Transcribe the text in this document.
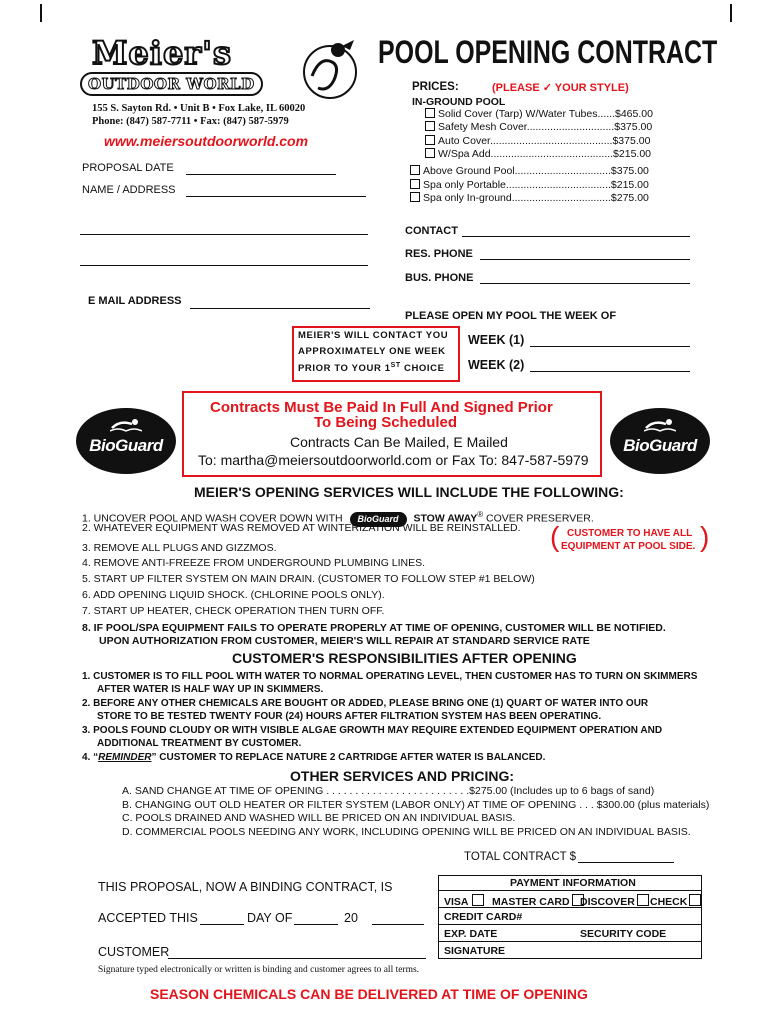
Meier's
OUTDOOR WORLD
155 S. Sayton Rd. • Unit B • Fox Lake, IL 60020
Phone: (847) 587-7711 • Fax: (847) 587-5979
www.meiersoutdoorworld.com
POOL OPENING CONTRACT
PRICES:	(PLEASE ✓ YOUR STYLE)
IN-GROUND POOL
Solid Cover (Tarp) W/Water Tubes......$465.00
Safety Mesh Cover..............................$375.00
Auto Cover..........................................$375.00
W/Spa Add..........................................$215.00
Above Ground Pool.................................$375.00
Spa only Portable....................................$215.00
Spa only In-ground..................................$275.00
PROPOSAL DATE
NAME / ADDRESS
E MAIL ADDRESS
CONTACT
RES. PHONE
BUS. PHONE
PLEASE OPEN MY POOL THE WEEK OF
MEIER'S WILL CONTACT YOU
APPROXIMATELY ONE WEEK
PRIOR TO YOUR 1ST CHOICE
WEEK (1)
WEEK (2)
BioGuard	BioGuard
Contracts Must Be Paid In Full And Signed Prior
To Being Scheduled
Contracts Can Be Mailed, E Mailed
To: martha@meiersoutdoorworld.com or Fax To: 847-587-5979
MEIER'S OPENING SERVICES WILL INCLUDE THE FOLLOWING:
1. UNCOVER POOL AND WASH COVER DOWN WITH BioGuard STOW AWAY® COVER PRESERVER.
2. WHATEVER EQUIPMENT WAS REMOVED AT WINTERIZATION WILL BE REINSTALLED.
3. REMOVE ALL PLUGS AND GIZZMOS.
4. REMOVE ANTI-FREEZE FROM UNDERGROUND PLUMBING LINES.
5. START UP FILTER SYSTEM ON MAIN DRAIN. (CUSTOMER TO FOLLOW STEP #1 BELOW)
6. ADD OPENING LIQUID SHOCK. (CHLORINE POOLS ONLY).
7. START UP HEATER, CHECK OPERATION THEN TURN OFF.
8. IF POOL/SPA EQUIPMENT FAILS TO OPERATE PROPERLY AT TIME OF OPENING, CUSTOMER WILL BE NOTIFIED.
UPON AUTHORIZATION FROM CUSTOMER, MEIER'S WILL REPAIR AT STANDARD SERVICE RATE
( CUSTOMER TO HAVE ALL
EQUIPMENT AT POOL SIDE. )
CUSTOMER'S RESPONSIBILITIES AFTER OPENING
1. CUSTOMER IS TO FILL POOL WITH WATER TO NORMAL OPERATING LEVEL, THEN CUSTOMER HAS TO TURN ON SKIMMERS
AFTER WATER IS HALF WAY UP IN SKIMMERS.
2. BEFORE ANY OTHER CHEMICALS ARE BOUGHT OR ADDED, PLEASE BRING ONE (1) QUART OF WATER INTO OUR
STORE TO BE TESTED TWENTY FOUR (24) HOURS AFTER FILTRATION SYSTEM HAS BEEN OPERATING.
3. POOLS FOUND CLOUDY OR WITH VISIBLE ALGAE GROWTH MAY REQUIRE EXTENDED EQUIPMENT OPERATION AND
ADDITIONAL TREATMENT BY CUSTOMER.
4. “REMINDER” CUSTOMER TO REPLACE NATURE 2 CARTRIDGE AFTER WATER IS BALANCED.
OTHER SERVICES AND PRICING:
A. SAND CHANGE AT TIME OF OPENING . . . . . . . . . . . . . . . . . . . . . . . . .$275.00 (Includes up to 6 bags of sand)
B. CHANGING OUT OLD HEATER OR FILTER SYSTEM (LABOR ONLY) AT TIME OF OPENING . . . $300.00 (plus materials)
C. POOLS DRAINED AND WASHED WILL BE PRICED ON AN INDIVIDUAL BASIS.
D. COMMERCIAL POOLS NEEDING ANY WORK, INCLUDING OPENING WILL BE PRICED ON AN INDIVIDUAL BASIS.
TOTAL CONTRACT $
THIS PROPOSAL, NOW A BINDING CONTRACT, IS
ACCEPTED THIS	DAY OF	20
CUSTOMER
Signature typed electronically or written is binding and customer agrees to all terms.
PAYMENT INFORMATION
VISA	MASTER CARD DISCOVER	CHECK
CREDIT CARD#
EXP. DATE	SECURITY CODE
SIGNATURE
SEASON CHEMICALS CAN BE DELIVERED AT TIME OF OPENING
